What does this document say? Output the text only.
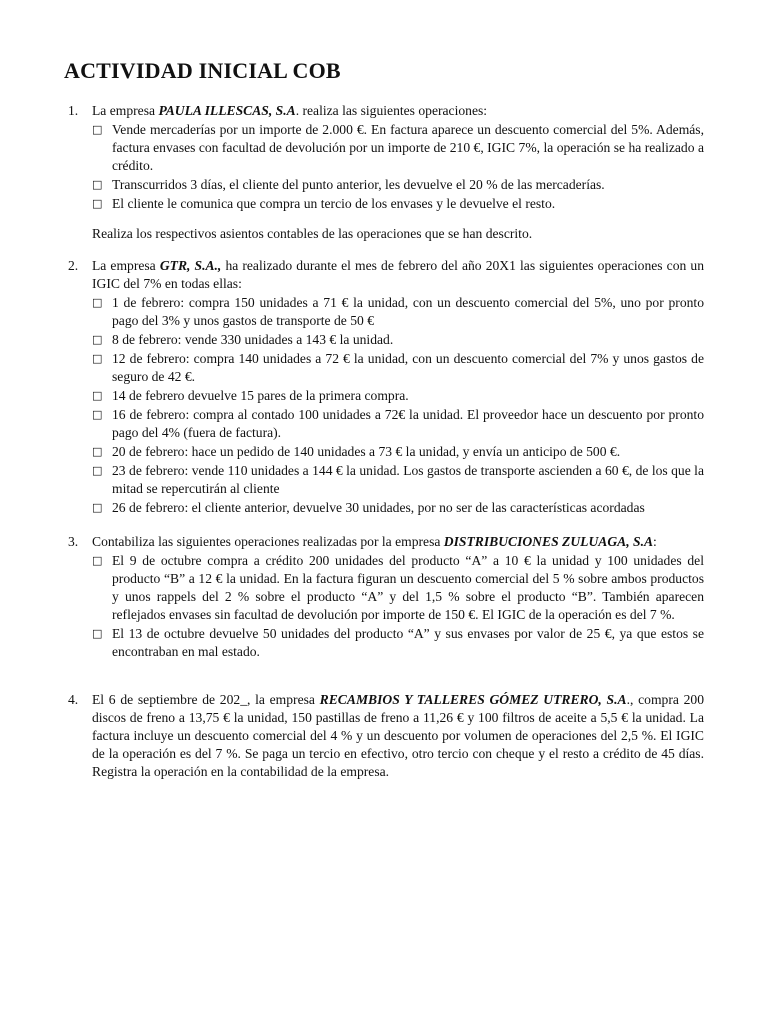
ACTIVIDAD INICIAL COB
1.	La empresa PAULA ILLESCAS, S.A. realiza las siguientes operaciones:
□ Vende mercaderías por un importe de 2.000 €. En factura aparece un descuento comercial del 5%. Además, factura envases con facultad de devolución por un importe de 210 €, IGIC 7%, la operación se ha realizado a crédito.
□ Transcurridos 3 días, el cliente del punto anterior, les devuelve el 20 % de las mercaderías.
□ El cliente le comunica que compra un tercio de los envases y le devuelve el resto.
Realiza los respectivos asientos contables de las operaciones que se han descrito.
2.	La empresa GTR, S.A., ha realizado durante el mes de febrero del año 20X1 las siguientes operaciones con un IGIC del 7% en todas ellas:
□ 1 de febrero: compra 150 unidades a 71 € la unidad, con un descuento comercial del 5%, uno por pronto pago del 3% y unos gastos de transporte de 50 €
□ 8 de febrero: vende 330 unidades a 143 € la unidad.
□ 12 de febrero: compra 140 unidades a 72 € la unidad, con un descuento comercial del 7% y unos gastos de seguro de 42 €.
□ 14 de febrero devuelve 15 pares de la primera compra.
□ 16 de febrero: compra al contado 100 unidades a 72€ la unidad. El proveedor hace un descuento por pronto pago del 4% (fuera de factura).
□ 20 de febrero: hace un pedido de 140 unidades a 73 € la unidad, y envía un anticipo de 500 €.
□ 23 de febrero: vende 110 unidades a 144 € la unidad. Los gastos de transporte ascienden a 60 €, de los que la mitad se repercutirán al cliente
□ 26 de febrero: el cliente anterior, devuelve 30 unidades, por no ser de las características acordadas
3.	Contabiliza las siguientes operaciones realizadas por la empresa DISTRIBUCIONES ZULUAGA, S.A:
□ El 9 de octubre compra a crédito 200 unidades del producto “A” a 10 € la unidad y 100 unidades del producto “B” a 12 € la unidad. En la factura figuran un descuento comercial del 5 % sobre ambos productos y unos rappels del 2 % sobre el producto “A” y del 1,5 % sobre el producto “B”. También aparecen reflejados envases sin facultad de devolución por importe de 150 €. El IGIC de la operación es del 7 %.
□ El 13 de octubre devuelve 50 unidades del producto “A” y sus envases por valor de 25 €, ya que estos se encontraban en mal estado.
4.	El 6 de septiembre de 202_, la empresa RECAMBIOS Y TALLERES GÓMEZ UTRERO, S.A., compra 200 discos de freno a 13,75 € la unidad, 150 pastillas de freno a 11,26 € y 100 filtros de aceite a 5,5 € la unidad. La factura incluye un descuento comercial del 4 % y un descuento por volumen de operaciones del 2,5 %. El IGIC de la operación es del 7 %. Se paga un tercio en efectivo, otro tercio con cheque y el resto a crédito de 45 días. Registra la operación en la contabilidad de la empresa.
